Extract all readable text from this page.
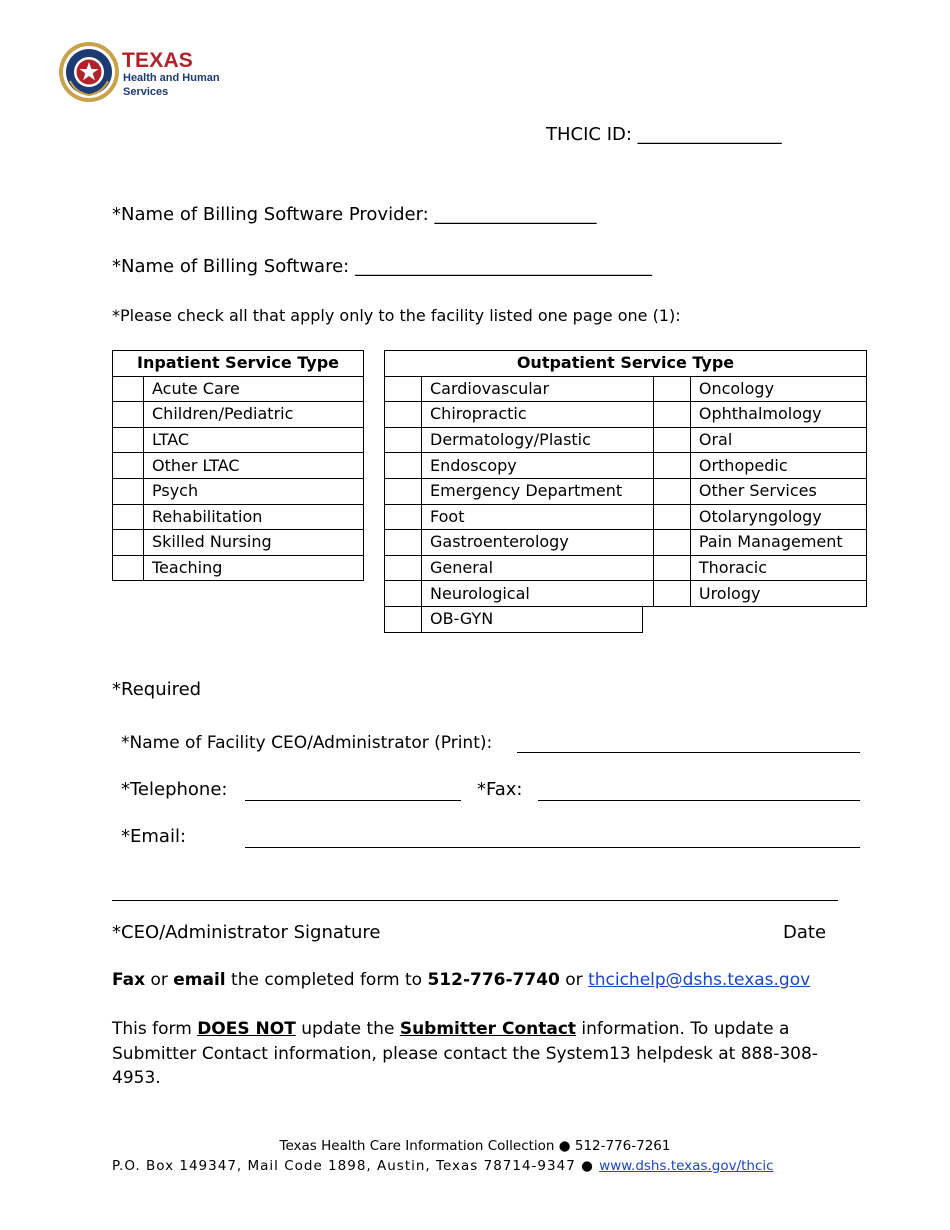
TEXAS
Health and Human
Services
THCIC ID: ________________
*Name of Billing Software Provider: __________________
*Name of Billing Software: _________________________________
*Please check all that apply only to the facility listed one page one (1):
Inpatient Service Type	
	Acute Care
	Children/Pediatric
	LTAC
	Other LTAC
	Psych
	Rehabilitation
	Skilled Nursing
	Teaching
Outpatient Service Type			
	Cardiovascular		Oncology
	Chiropractic		Ophthalmology
	Dermatology/Plastic		Oral
	Endoscopy		Orthopedic
	Emergency Department		Other Services
	Foot		Otolaryngology
	Gastroenterology		Pain Management
	General		Thoracic
	Neurological		Urology
	OB-GYN
*Required
*Name of Facility CEO/Administrator (Print):
*Telephone:	*Fax:
*Email:
*CEO/Administrator Signature	Date
Fax or email the completed form to 512-776-7740 or thcichelp@dshs.texas.gov
This form DOES NOT update the Submitter Contact information. To update a Submitter Contact information, please contact the System13 helpdesk at 888-308-4953.
Texas Health Care Information Collection ● 512-776-7261
P.O. Box 149347, Mail Code 1898, Austin, Texas 78714-9347 ● www.dshs.texas.gov/thcic
